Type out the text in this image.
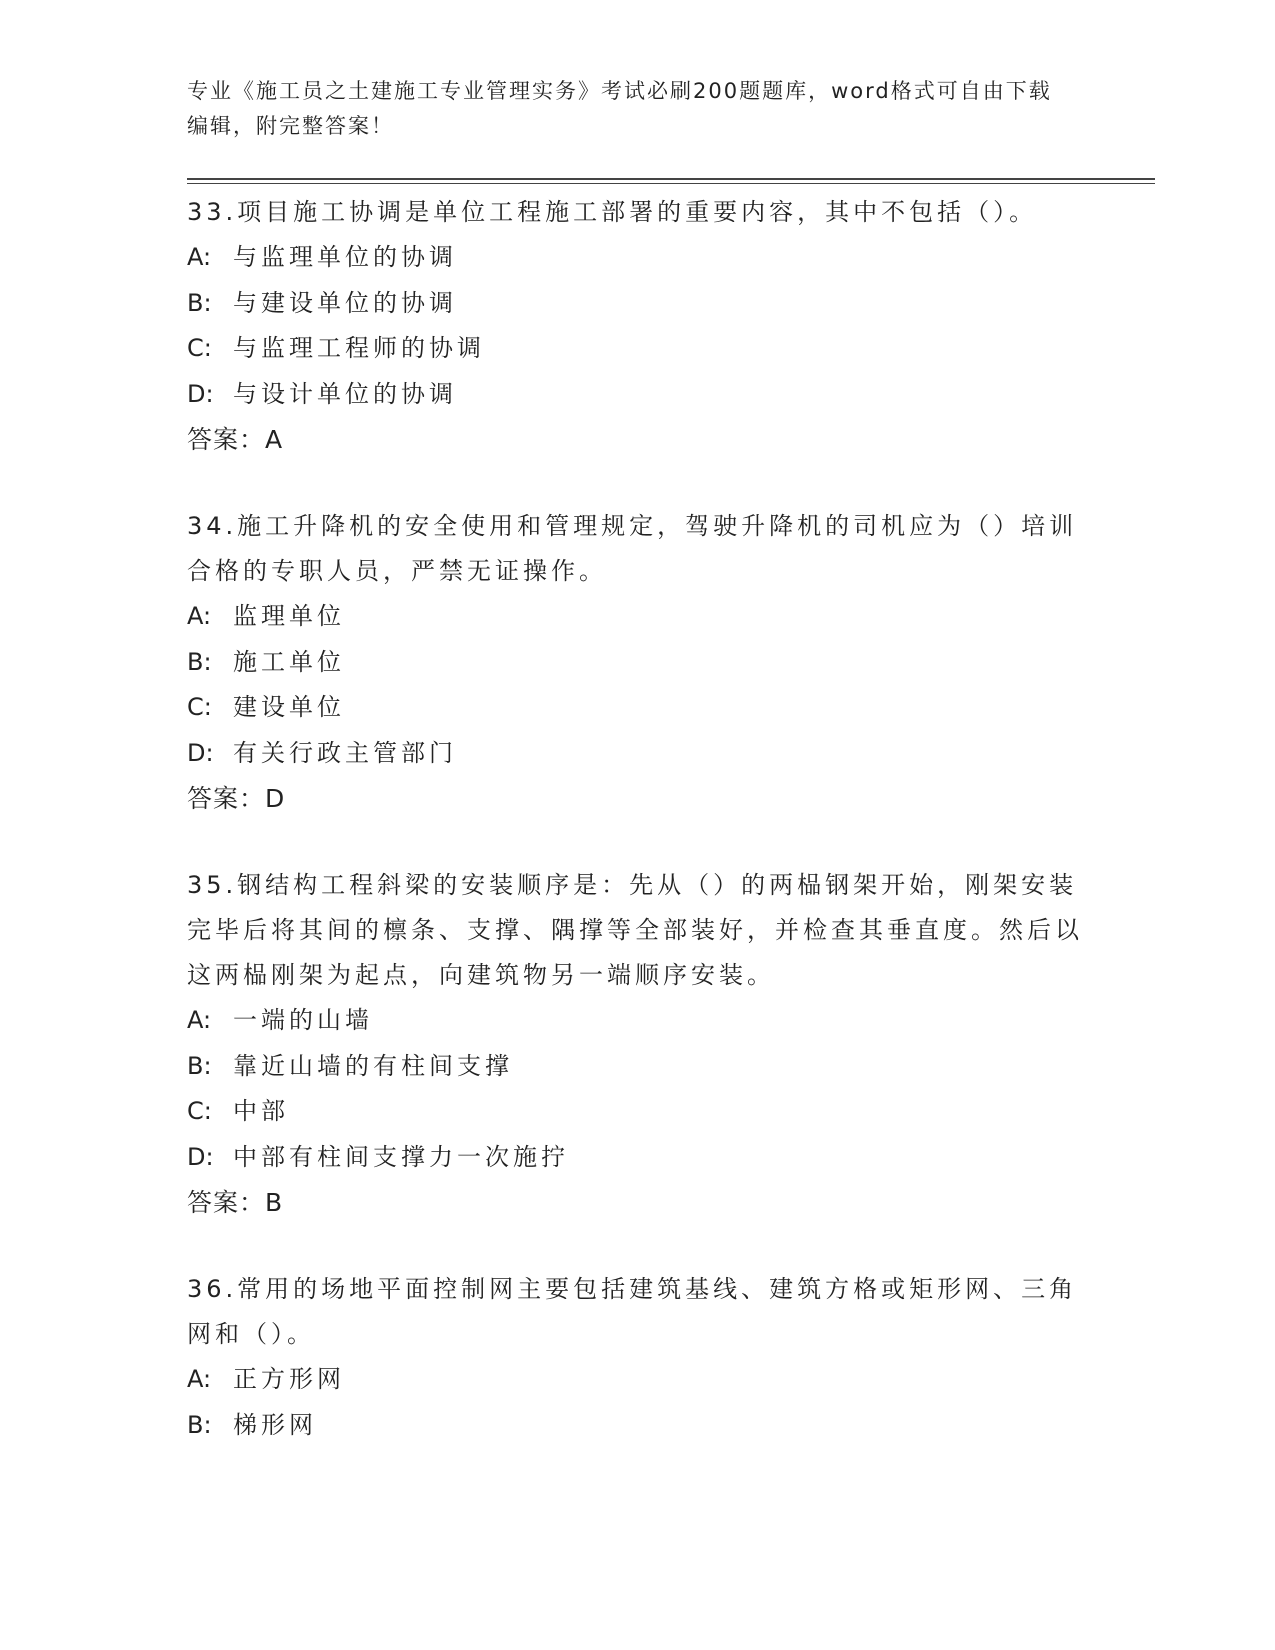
专业《施工员之土建施工专业管理实务》考试必刷200题题库，word格式可自由下载编辑，附完整答案！

33.项目施工协调是单位工程施工部署的重要内容，其中不包括（）。

A: 与监理单位的协调
B: 与建设单位的协调
C: 与监理工程师的协调
D: 与设计单位的协调
答案：A

34.施工升降机的安全使用和管理规定，驾驶升降机的司机应为（）培训合格的专职人员，严禁无证操作。

A: 监理单位
B: 施工单位
C: 建设单位
D: 有关行政主管部门
答案：D

35.钢结构工程斜梁的安装顺序是：先从（）的两榀钢架开始，刚架安装完毕后将其间的檩条、支撑、隅撑等全部装好，并检查其垂直度。然后以这两榀刚架为起点，向建筑物另一端顺序安装。

A: 一端的山墙
B: 靠近山墙的有柱间支撑
C: 中部
D: 中部有柱间支撑力一次施拧
答案：B

36.常用的场地平面控制网主要包括建筑基线、建筑方格或矩形网、三角网和（）。

A: 正方形网
B: 梯形网
